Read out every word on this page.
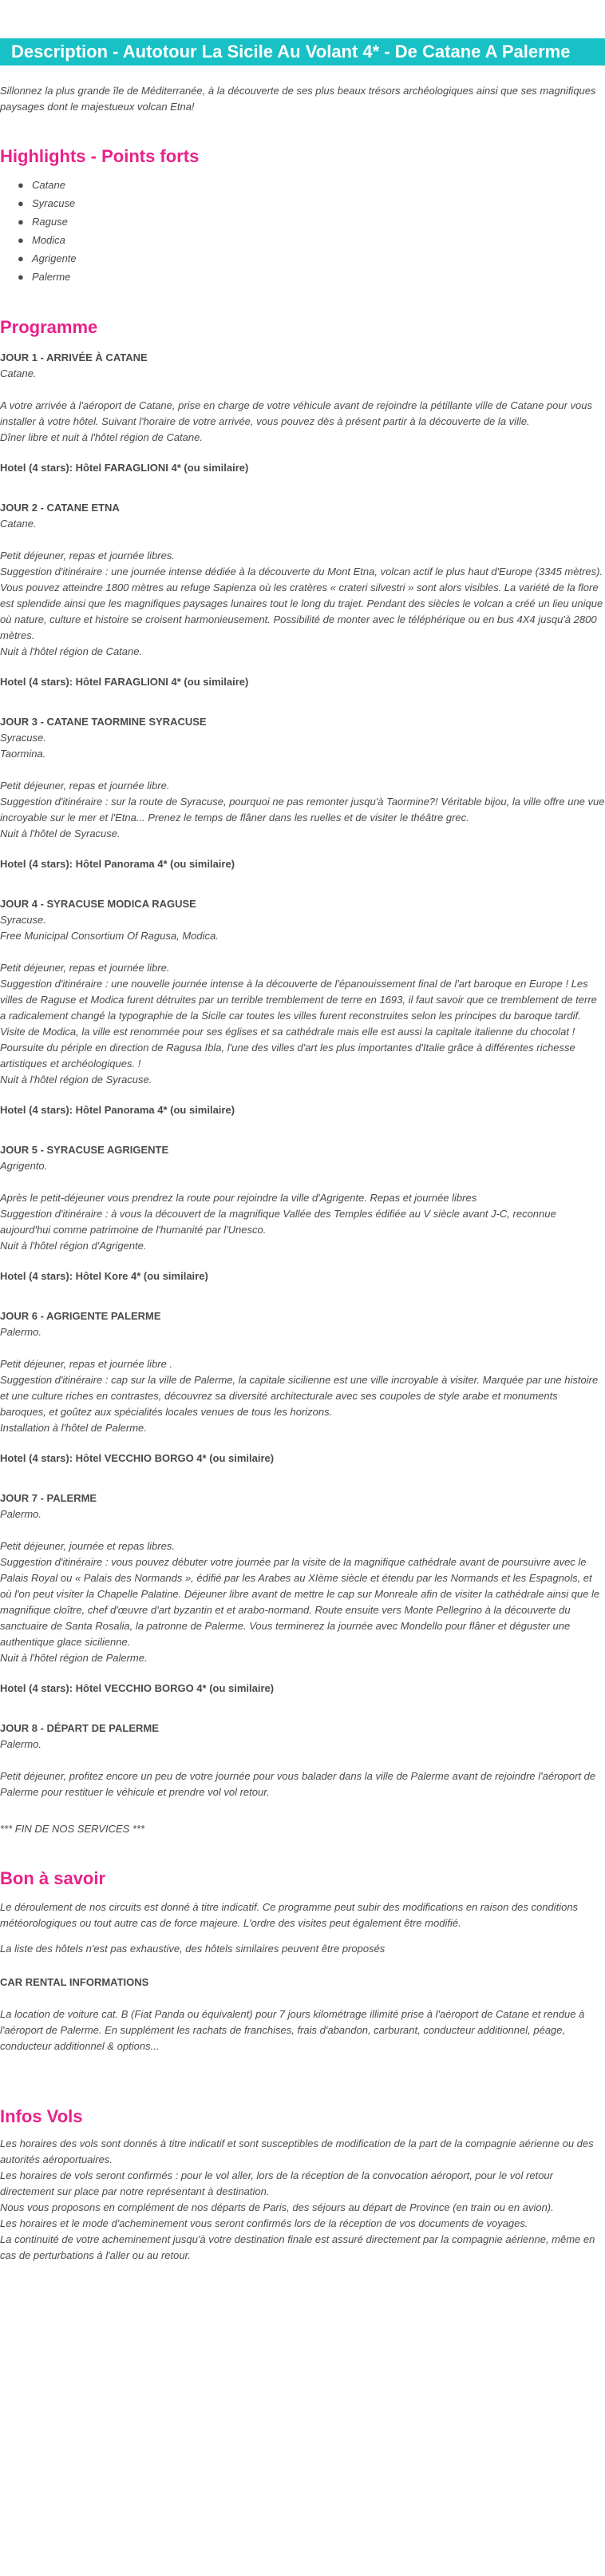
Description - Autotour La Sicile Au Volant 4* - De Catane A Palerme

Sillonnez la plus grande île de Méditerranée, à la découverte de ses plus beaux trésors archéologiques ainsi que ses magnifiques paysages dont le majestueux volcan Etna!

Highlights - Points forts
● Catane
● Syracuse
● Raguse
● Modica
● Agrigente
● Palerme
Programme
JOUR 1 - ARRIVÉE À CATANE
Catane.
A votre arrivée à l'aéroport de Catane, prise en charge de votre véhicule avant de rejoindre la pétillante ville de Catane pour vous installer à votre hôtel. Suivant l'horaire de votre arrivée, vous pouvez dès à présent partir à la découverte de la ville.
Dîner libre et nuit à l'hôtel région de Catane.
Hotel (4 stars): Hôtel FARAGLIONI 4* (ou similaire)
JOUR 2 - CATANE ETNA
Catane.
Petit déjeuner, repas et journée libres.
Suggestion d'itinéraire : une journée intense dédiée à la découverte du Mont Etna, volcan actif le plus haut d'Europe (3345 mètres). Vous pouvez atteindre 1800 mètres au refuge Sapienza où les cratères « crateri silvestri » sont alors visibles. La variété de la flore est splendide ainsi que les magnifiques paysages lunaires tout le long du trajet. Pendant des siècles le volcan a créé un lieu unique où nature, culture et histoire se croisent harmonieusement. Possibilité de monter avec le téléphérique ou en bus 4X4 jusqu'à 2800 mètres.
Nuit à l'hôtel région de Catane.
Hotel (4 stars): Hôtel FARAGLIONI 4* (ou similaire)
JOUR 3 - CATANE TAORMINE SYRACUSE
Syracuse.
Taormina.
Petit déjeuner, repas et journée libre.
Suggestion d'itinéraire : sur la route de Syracuse, pourquoi ne pas remonter jusqu'à Taormine?! Véritable bijou, la ville offre une vue incroyable sur le mer et l'Etna... Prenez le temps de flâner dans les ruelles et de visiter le théâtre grec.
Nuit à l'hôtel de Syracuse.
Hotel (4 stars): Hôtel Panorama 4* (ou similaire)
JOUR 4 - SYRACUSE MODICA RAGUSE
Syracuse.
Free Municipal Consortium Of Ragusa, Modica.
Petit déjeuner, repas et journée libre.
Suggestion d'itinéraire : une nouvelle journée intense à la découverte de l'épanouissement final de l'art baroque en Europe ! Les villes de Raguse et Modica furent détruites par un terrible tremblement de terre en 1693, il faut savoir que ce tremblement de terre a radicalement changé la typographie de la Sicile car toutes les villes furent reconstruites selon les principes du baroque tardif. Visite de Modica, la ville est renommée pour ses églises et sa cathédrale mais elle est aussi la capitale italienne du chocolat ! Poursuite du périple en direction de Ragusa Ibla, l'une des villes d'art les plus importantes d'Italie grâce à différentes richesse artistiques et archéologiques. !
Nuit à l'hôtel région de Syracuse.
Hotel (4 stars): Hôtel Panorama 4* (ou similaire)
JOUR 5 - SYRACUSE AGRIGENTE
Agrigento.
Après le petit-déjeuner vous prendrez la route pour rejoindre la ville d'Agrigente. Repas et journée libres
Suggestion d'itinéraire : à vous la découvert de la magnifique Vallée des Temples édifiée au V siècle avant J-C, reconnue aujourd'hui comme patrimoine de l'humanité par l'Unesco.
Nuit à l'hôtel région d'Agrigente.
Hotel (4 stars): Hôtel Kore 4* (ou similaire)
JOUR 6 - AGRIGENTE PALERME
Palermo.
Petit déjeuner, repas et journée libre .
Suggestion d'itinéraire : cap sur la ville de Palerme, la capitale sicilienne est une ville incroyable à visiter. Marquée par une histoire et une culture riches en contrastes, découvrez sa diversité architecturale avec ses coupoles de style arabe et monuments baroques, et goûtez aux spécialités locales venues de tous les horizons.
Installation à l'hôtel de Palerme.
Hotel (4 stars): Hôtel VECCHIO BORGO 4* (ou similaire)
JOUR 7 - PALERME
Palermo.
Petit déjeuner, journée et repas libres.
Suggestion d'itinéraire : vous pouvez débuter votre journée par la visite de la magnifique cathédrale avant de poursuivre avec le Palais Royal ou « Palais des Normands », édifié par les Arabes au XIème siècle et étendu par les Normands et les Espagnols, et où l'on peut visiter la Chapelle Palatine. Déjeuner libre avant de mettre le cap sur Monreale afin de visiter la cathédrale ainsi que le magnifique cloître, chef d'œuvre d'art byzantin et et arabo-normand. Route ensuite vers Monte Pellegrino à la découverte du sanctuaire de Santa Rosalia, la patronne de Palerme. Vous terminerez la journée avec Mondello pour flâner et déguster une authentique glace sicilienne.
Nuit à l'hôtel région de Palerme.
Hotel (4 stars): Hôtel VECCHIO BORGO 4* (ou similaire)
JOUR 8 - DÉPART DE PALERME
Palermo.
Petit déjeuner, profitez encore un peu de votre journée pour vous balader dans la ville de Palerme avant de rejoindre l'aéroport de Palerme pour restituer le véhicule et prendre vol vol retour.

*** FIN DE NOS SERVICES ***

Bon à savoir

Le déroulement de nos circuits est donné à titre indicatif. Ce programme peut subir des modifications en raison des conditions météorologiques ou tout autre cas de force majeure. L'ordre des visites peut également être modifié.

La liste des hôtels n'est pas exhaustive, des hôtels similaires peuvent être proposés

CAR RENTAL INFORMATIONS

La location de voiture cat. B (Fiat Panda ou équivalent) pour 7 jours kilométrage illimité prise à l'aéroport de Catane et rendue à l'aéroport de Palerme. En supplément les rachats de franchises, frais d'abandon, carburant, conducteur additionnel, péage, conducteur additionnel & options...

Infos Vols
Les horaires des vols sont donnés à titre indicatif et sont susceptibles de modification de la part de la compagnie aérienne ou des autorités aéroportuaires.
Les horaires de vols seront confirmés : pour le vol aller, lors de la réception de la convocation aéroport, pour le vol retour directement sur place par notre représentant à destination.
Nous vous proposons en complément de nos départs de Paris, des séjours au départ de Province (en train ou en avion).
Les horaires et le mode d'acheminement vous seront confirmés lors de la réception de vos documents de voyages.
La continuité de votre acheminement jusqu'à votre destination finale est assuré directement par la compagnie aérienne, même en cas de perturbations à l'aller ou au retour.
